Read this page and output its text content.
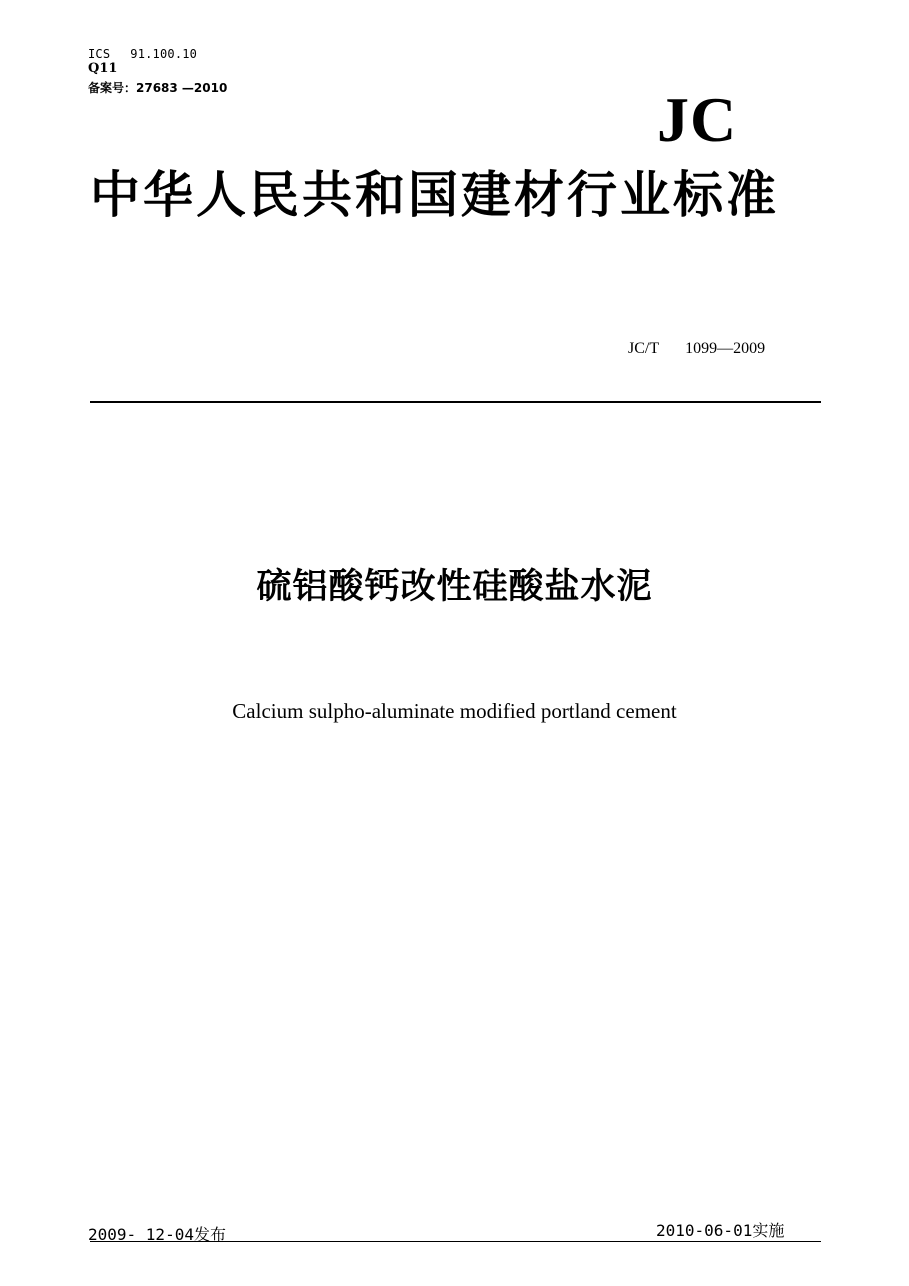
ICS 91.100.10
Q11
备案号：27683 —2010	JC
中华人民共和国建材行业标准
JC/T 1099—2009
硫铝酸钙改性硅酸盐水泥
Calcium sulpho-aluminate modified portland cement
2009- 12-04发布	2010-06-01实施
